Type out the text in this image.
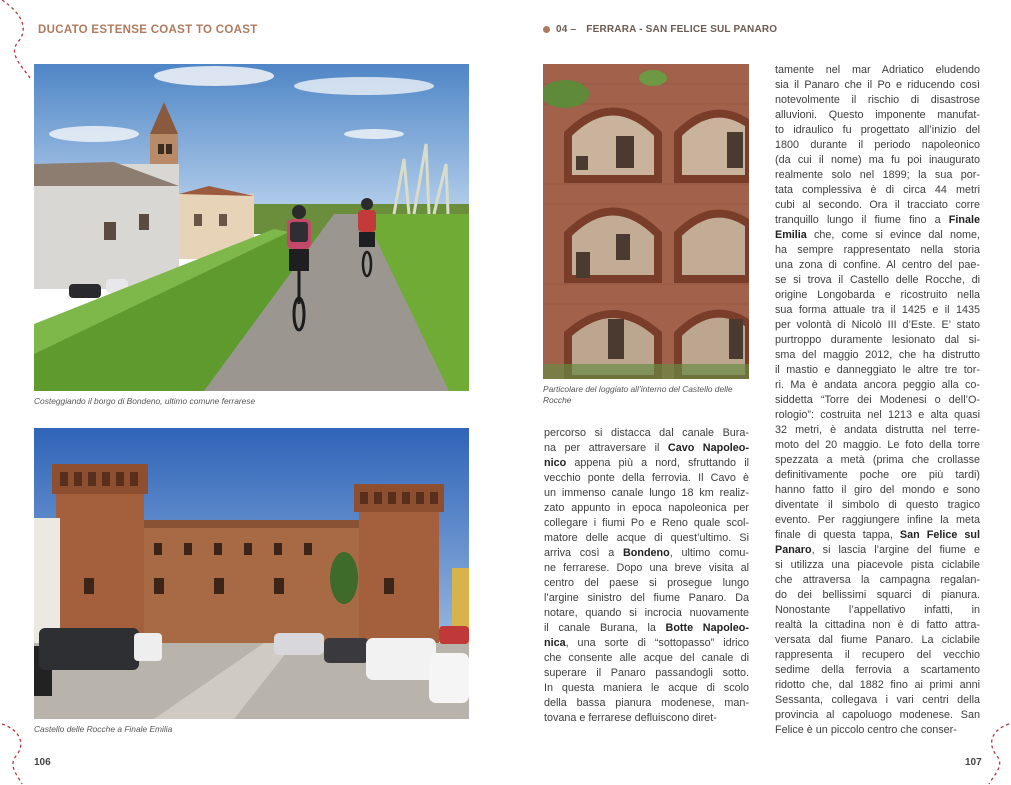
DUCATO ESTENSE COAST TO COAST	04 – FERRARA - SAN FELICE SUL PANARO
Costeggiando il borgo di Bondeno, ultimo comune ferrarese
Castello delle Rocche a Finale Emilia
Particolare del loggiato all’interno del Castello delle
Rocche
percorso si distacca dal canale Bura-
na per attraversare il Cavo Napoleo-
nico appena più a nord, sfruttando il
vecchio ponte della ferrovia. Il Cavo è
un immenso canale lungo 18 km realiz-
zato appunto in epoca napoleonica per
collegare i fiumi Po e Reno quale scol-
matore delle acque di quest’ultimo. Si
arriva così a Bondeno, ultimo comu-
ne ferrarese. Dopo una breve visita al
centro del paese si prosegue lungo
l’argine sinistro del fiume Panaro. Da
notare, quando si incrocia nuovamente
il canale Burana, la Botte Napoleo-
nica, una sorte di “sottopasso” idrico
che consente alle acque del canale di
superare il Panaro passandogli sotto.
In questa maniera le acque di scolo
della bassa pianura modenese, man-
tovana e ferrarese defluiscono diret-
tamente nel mar Adriatico eludendo
sia il Panaro che il Po e riducendo così
notevolmente il rischio di disastrose
alluvioni. Questo imponente manufat-
to idraulico fu progettato all’inizio del
1800 durante il periodo napoleonico
(da cui il nome) ma fu poi inaugurato
realmente solo nel 1899; la sua por-
tata complessiva è di circa 44 metri
cubi al secondo. Ora il tracciato corre
tranquillo lungo il fiume fino a Finale
Emilia che, come si evince dal nome,
ha sempre rappresentato nella storia
una zona di confine. Al centro del pae-
se si trova il Castello delle Rocche, di
origine Longobarda e ricostruito nella
sua forma attuale tra il 1425 e il 1435
per volontà di Nicolò III d’Este. E’ stato
purtroppo duramente lesionato dal si-
sma del maggio 2012, che ha distrutto
il mastio e danneggiato le altre tre tor-
ri. Ma è andata ancora peggio alla co-
siddetta “Torre dei Modenesi o dell’O-
rologio”: costruita nel 1213 e alta quasi
32 metri, è andata distrutta nel terre-
moto del 20 maggio. Le foto della torre
spezzata a metà (prima che crollasse
definitivamente poche ore più tardi)
hanno fatto il giro del mondo e sono
diventate il simbolo di questo tragico
evento. Per raggiungere infine la meta
finale di questa tappa, San Felice sul
Panaro, si lascia l’argine del fiume e
si utilizza una piacevole pista ciclabile
che attraversa la campagna regalan-
do dei bellissimi squarci di pianura.
Nonostante l’appellativo infatti, in
realtà la cittadina non è di fatto attra-
versata dal fiume Panaro. La ciclabile
rappresenta il recupero del vecchio
sedime della ferrovia a scartamento
ridotto che, dal 1882 fino ai primi anni
Sessanta, collegava i vari centri della
provincia al capoluogo modenese. San
Felice è un piccolo centro che conser-
106	107
